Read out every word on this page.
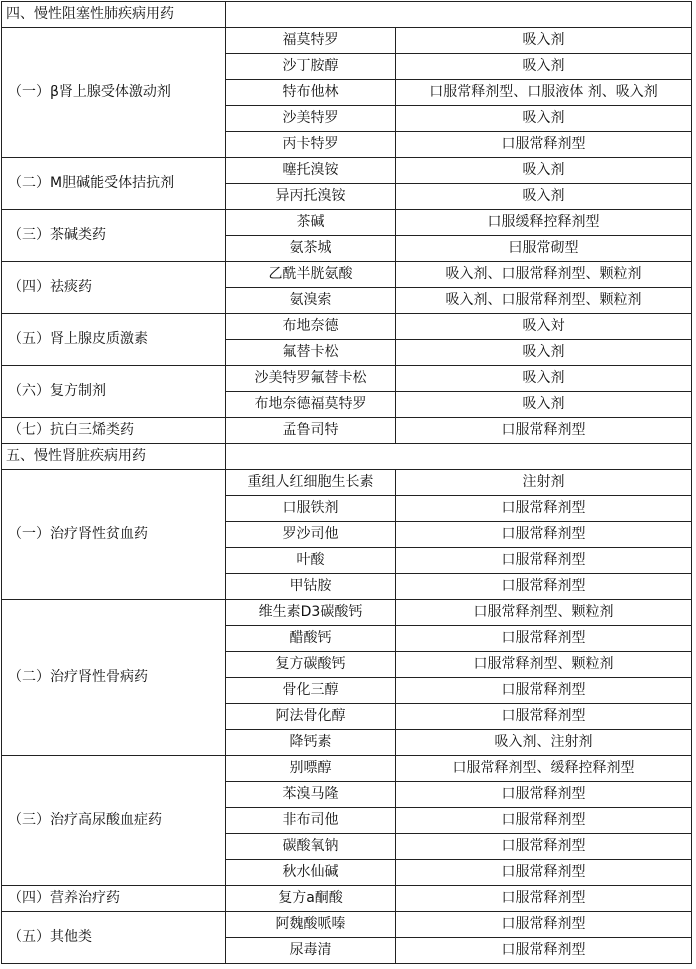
四、慢性阻塞性肺疾病用药		
（一）β肾上腺受体激动剂	福莫特罗	吸入剂
	沙丁胺醇	吸入剂
	特布他林	口服常释剂型、口服液体 剂、吸入剂
	沙美特罗	吸入剂
	丙卡特罗	口服常释剂型
（二）M胆碱能受体拮抗剂	噻托溴铵	吸入剂
	异丙托溴铵	吸入剂
（三）茶碱类药	茶碱	口服缓释控释剂型
	氨茶城	曰服常砌型
（四）祛痰药	乙酰半胱氨酸	吸入剂、口服常释剂型、颗粒剂
	氨溴索	吸入剂、口服常释剂型、颗粒剂
（五）肾上腺皮质激素	布地奈德	吸入対
	氟替卡松	吸入剂
（六）复方制剂	沙美特罗氟替卡松	吸入剂
	布地奈德福莫特罗	吸入剂
（七）抗白三烯类药	孟鲁司特	口服常释剂型
五、慢性肾脏疾病用药		
（一）治疗肾性贫血药	重组人红细胞生长素	注射剂
	口服铁剂	口服常释剂型
	罗沙司他	口服常释剂型
	叶酸	口服常释剂型
	甲钴胺	口服常释剂型
（二）治疗肾性骨病药	维生素D3碳酸钙	口服常释剂型、颗粒剂
	醋酸钙	口服常释剂型
	复方碳酸钙	口服常释剂型、颗粒剂
	骨化三醇	口服常释剂型
	阿法骨化醇	口服常释剂型
	降钙素	吸入剂、注射剂
（三）治疗高尿酸血症药	别嘌醇	口服常释剂型、缓释控释剂型
	苯溴马隆	口服常释剂型
	非布司他	口服常释剂型
	碳酸氧钠	口服常释剂型
	秋水仙碱	口服常释剂型
（四）营养治疗药	复方a酮酸	口服常释剂型
（五）其他类	阿魏酸哌嗪	口服常释剂型
	尿毒清	口服常释剂型
